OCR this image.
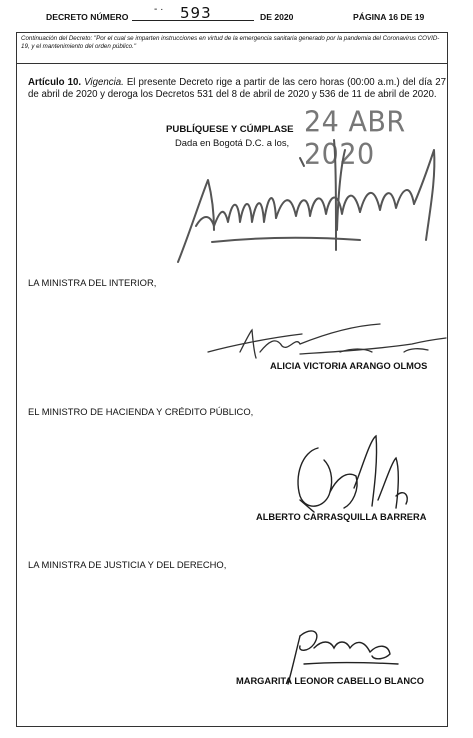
DECRETO NÚMERO
- · 593	DE 2020	PÁGINA 16 DE 19
Continuación del Decreto: "Por el cual se imparten instrucciones en virtud de la emergencia sanitaria generado por la pandemia del Coronavirus COVID-19, y el mantenimiento del orden público."
Artículo 10. Vigencia. El presente Decreto rige a partir de las cero horas (00:00 a.m.) del día 27 de abril de 2020 y deroga los Decretos 531 del 8 de abril de 2020 y 536 de 11 de abril de 2020.
PUBLÍQUESE Y CÚMPLASE
Dada en Bogotá D.C. a los,
24 ABR 2020
LA MINISTRA DEL INTERIOR,
ALICIA VICTORIA ARANGO OLMOS
EL MINISTRO DE HACIENDA Y CRÉDITO PÚBLICO,
ALBERTO CARRASQUILLA BARRERA
LA MINISTRA DE JUSTICIA Y DEL DERECHO,
MARGARITA LEONOR CABELLO BLANCO
